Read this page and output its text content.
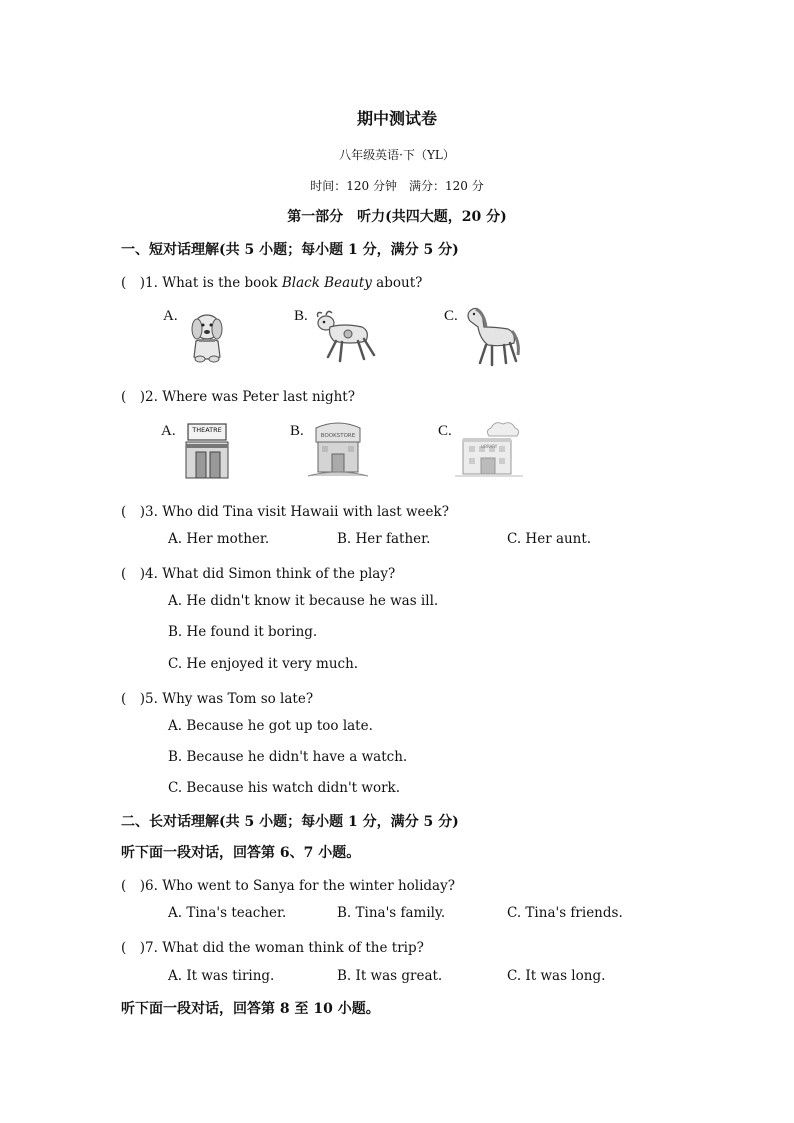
期中测试卷
八年级英语·下（YL）
时间：120 分钟　满分：120 分
第一部分　听力(共四大题，20 分)
一、短对话理解(共 5 小题；每小题 1 分，满分 5 分)
(　)1. What is the book Black Beauty about?
A.	B.	C.
(　)2. Where was Peter last night?
A.	B.	C.
THEATRE
BOOKSTORE
LIBRARY
(　)3. Who did Tina visit Hawaii with last week?
A. Her mother.	B. Her father.	C. Her aunt.
(　)4. What did Simon think of the play?
A. He didn't know it because he was ill.
B. He found it boring.
C. He enjoyed it very much.
(　)5. Why was Tom so late?
A. Because he got up too late.
B. Because he didn't have a watch.
C. Because his watch didn't work.
二、长对话理解(共 5 小题；每小题 1 分，满分 5 分)
听下面一段对话，回答第 6、7 小题。
(　)6. Who went to Sanya for the winter holiday?
A. Tina's teacher.	B. Tina's family.	C. Tina's friends.
(　)7. What did the woman think of the trip?
A. It was tiring.	B. It was great.	C. It was long.
听下面一段对话，回答第 8 至 10 小题。
